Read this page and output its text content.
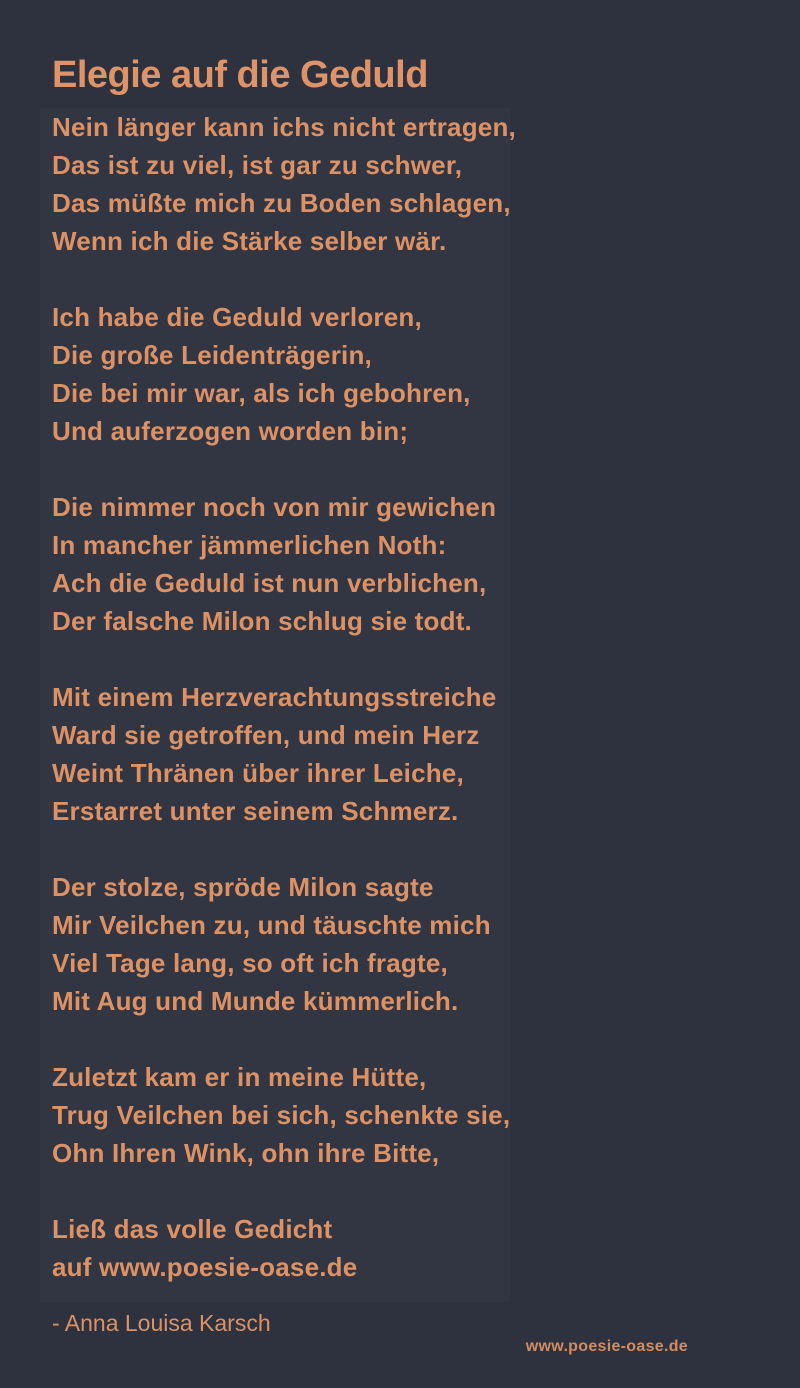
Elegie auf die Geduld
Nein länger kann ichs nicht ertragen,
Das ist zu viel, ist gar zu schwer,
Das müßte mich zu Boden schlagen,
Wenn ich die Stärke selber wär.
Ich habe die Geduld verloren,
Die große Leidenträgerin,
Die bei mir war, als ich gebohren,
Und auferzogen worden bin;
Die nimmer noch von mir gewichen
In mancher jämmerlichen Noth:
Ach die Geduld ist nun verblichen,
Der falsche Milon schlug sie todt.
Mit einem Herzverachtungsstreiche
Ward sie getroffen, und mein Herz
Weint Thränen über ihrer Leiche,
Erstarret unter seinem Schmerz.
Der stolze, spröde Milon sagte
Mir Veilchen zu, und täuschte mich
Viel Tage lang, so oft ich fragte,
Mit Aug und Munde kümmerlich.
Zuletzt kam er in meine Hütte,
Trug Veilchen bei sich, schenkte sie,
Ohn Ihren Wink, ohn ihre Bitte,
Ließ das volle Gedicht
auf www.poesie-oase.de
- Anna Louisa Karsch
www.poesie-oase.de
